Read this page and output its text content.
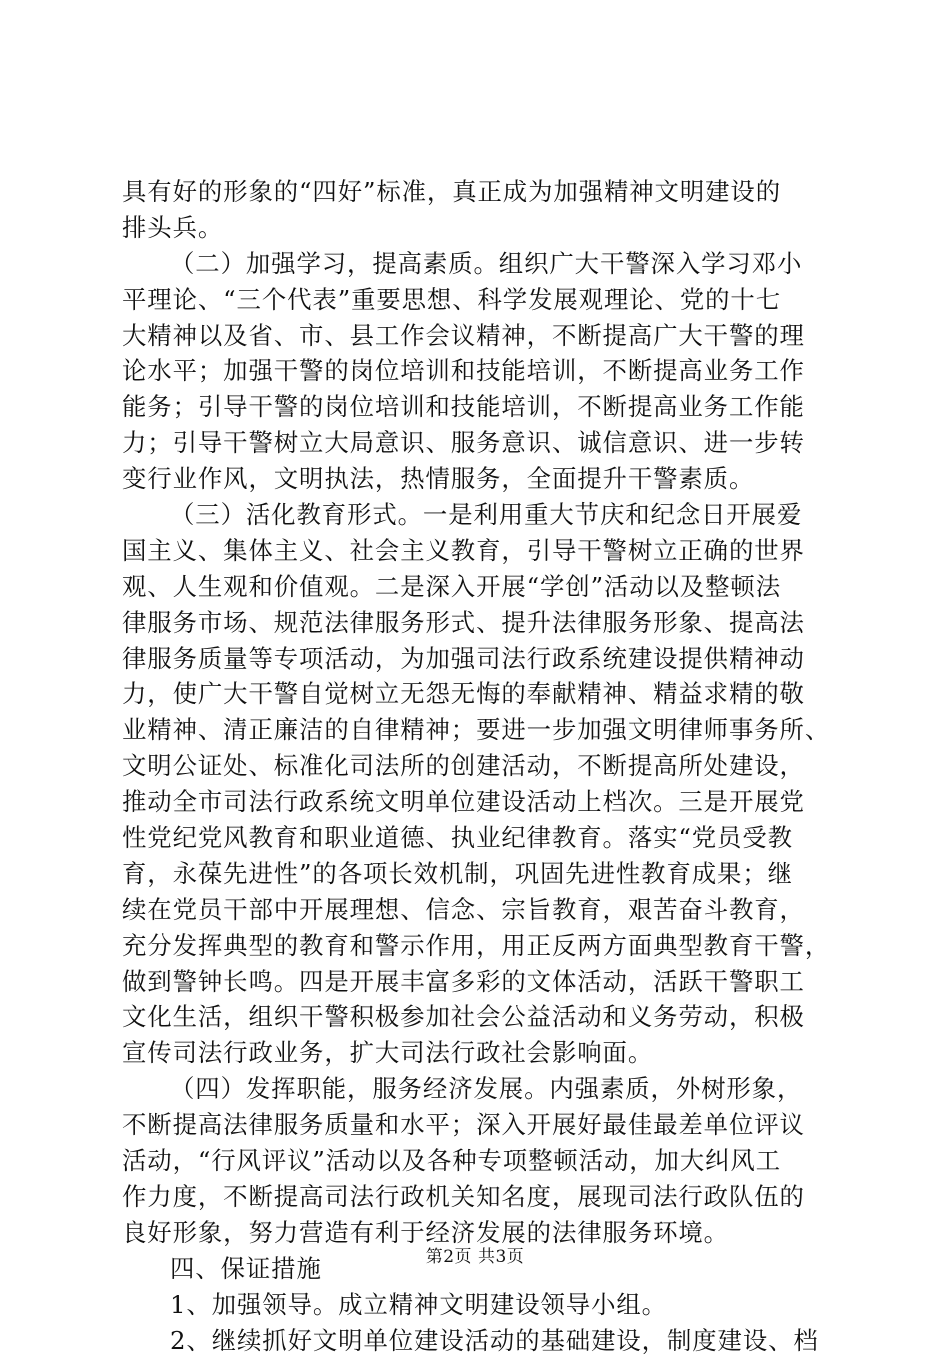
具有好的形象的“四好”标准，真正成为加强精神文明建设的
排头兵。
（二）加强学习，提高素质。组织广大干警深入学习邓小
平理论、“三个代表”重要思想、科学发展观理论、党的十七
大精神以及省、市、县工作会议精神，不断提高广大干警的理
论水平；加强干警的岗位培训和技能培训，不断提高业务工作
能务；引导干警的岗位培训和技能培训，不断提高业务工作能
力；引导干警树立大局意识、服务意识、诚信意识、进一步转
变行业作风，文明执法，热情服务，全面提升干警素质。
（三）活化教育形式。一是利用重大节庆和纪念日开展爱
国主义、集体主义、社会主义教育，引导干警树立正确的世界
观、人生观和价值观。二是深入开展“学创”活动以及整顿法
律服务市场、规范法律服务形式、提升法律服务形象、提高法
律服务质量等专项活动，为加强司法行政系统建设提供精神动
力，使广大干警自觉树立无怨无悔的奉献精神、精益求精的敬
业精神、清正廉洁的自律精神；要进一步加强文明律师事务所、
文明公证处、标准化司法所的创建活动，不断提高所处建设，
推动全市司法行政系统文明单位建设活动上档次。三是开展党
性党纪党风教育和职业道德、执业纪律教育。落实“党员受教
育，永葆先进性”的各项长效机制，巩固先进性教育成果；继
续在党员干部中开展理想、信念、宗旨教育，艰苦奋斗教育，
充分发挥典型的教育和警示作用，用正反两方面典型教育干警，
做到警钟长鸣。四是开展丰富多彩的文体活动，活跃干警职工
文化生活，组织干警积极参加社会公益活动和义务劳动，积极
宣传司法行政业务，扩大司法行政社会影响面。
（四）发挥职能，服务经济发展。内强素质，外树形象，
不断提高法律服务质量和水平；深入开展好最佳最差单位评议
活动，“行风评议”活动以及各种专项整顿活动，加大纠风工
作力度，不断提高司法行政机关知名度，展现司法行政队伍的
良好形象，努力营造有利于经济发展的法律服务环境。
四、保证措施
1、加强领导。成立精神文明建设领导小组。
2、继续抓好文明单位建设活动的基础建设，制度建设、档
第2页 共3页
